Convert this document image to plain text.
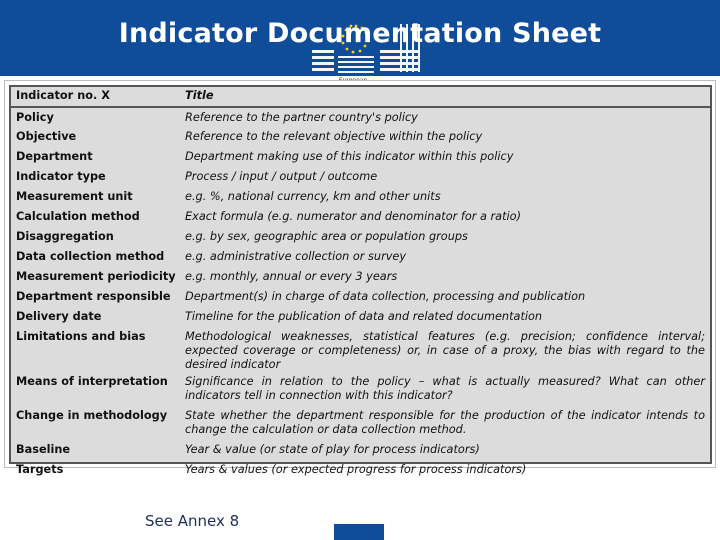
Indicator Documentation Sheet
Indicator no. X	Title
Policy	Reference to the partner country's policy
Objective	Reference to the relevant objective within the policy
Department	Department making use of this indicator within this policy
Indicator type	Process / input / output / outcome
Measurement unit	e.g. %, national currency, km and other units
Calculation method	Exact formula (e.g. numerator and denominator for a ratio)
Disaggregation	e.g. by sex, geographic area or population groups
Data collection method	e.g. administrative collection or survey
Measurement periodicity	e.g. monthly, annual or every 3 years
Department responsible	Department(s) in charge of data collection, processing and publication
Delivery date	Timeline for the publication of data and related documentation
Limitations and bias	Methodological weaknesses, statistical features (e.g. precision; confidence interval; expected coverage or completeness) or, in case of a proxy, the bias with regard to the desired indicator
Means of interpretation	Significance in relation to the policy – what is actually measured? What can other indicators tell in connection with this indicator?
Change in methodology	State whether the department responsible for the production of the indicator intends to change the calculation or data collection method.
Baseline	Year & value (or state of play for process indicators)
Targets	Years & values (or expected progress for process indicators)
See Annex 8
